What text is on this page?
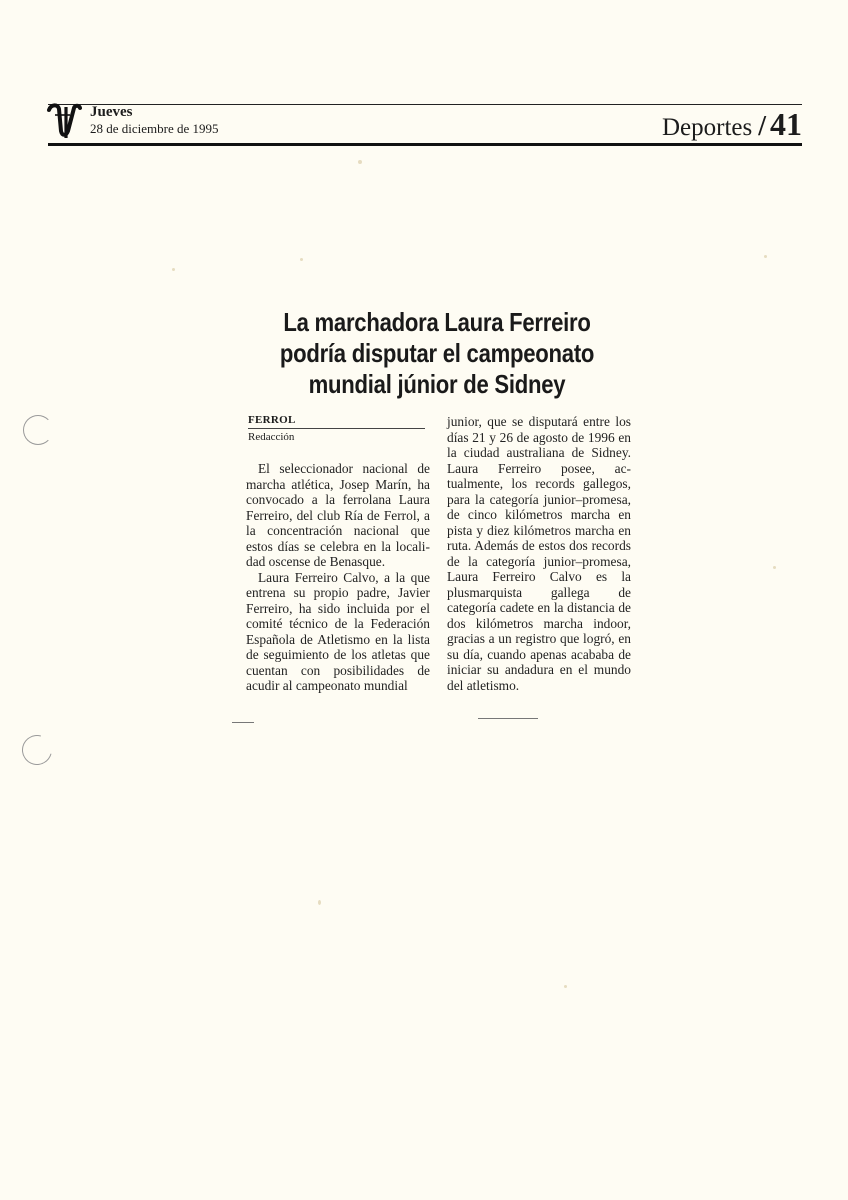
Jueves
28 de diciembre de 1995	Deportes / 41
La marchadora Laura Ferreiro
podría disputar el campeonato
mundial júnior de Sidney
FERROL
Redacción

El seleccionador nacional de marcha atlética, Josep Marín, ha convocado a la ferrolana Laura Ferreiro, del club Ría de Ferrol, a la concentración nacional que estos días se celebra en la localidad oscense de Benasque.

Laura Ferreiro Calvo, a la que entrena su propio padre, Javier Ferreiro, ha sido incluida por el comité técnico de la Federación Española de Atletismo en la lista de seguimiento de los atletas que cuentan con posibilidades de acudir al campeonato mundial

junior, que se disputará entre los días 21 y 26 de agosto de 1996 en la ciudad australiana de Sidney. Laura Ferreiro posee, actualmente, los records gallegos, para la categoría junior–promesa, de cinco kilómetros marcha en pista y diez kilómetros marcha en ruta. Además de estos dos records de la categoría junior–promesa, Laura Ferreiro Calvo es la plusmarquista gallega de categoría cadete en la distancia de dos kilómetros marcha indoor, gracias a un registro que logró, en su día, cuando apenas acababa de iniciar su andadura en el mundo del atletismo.
